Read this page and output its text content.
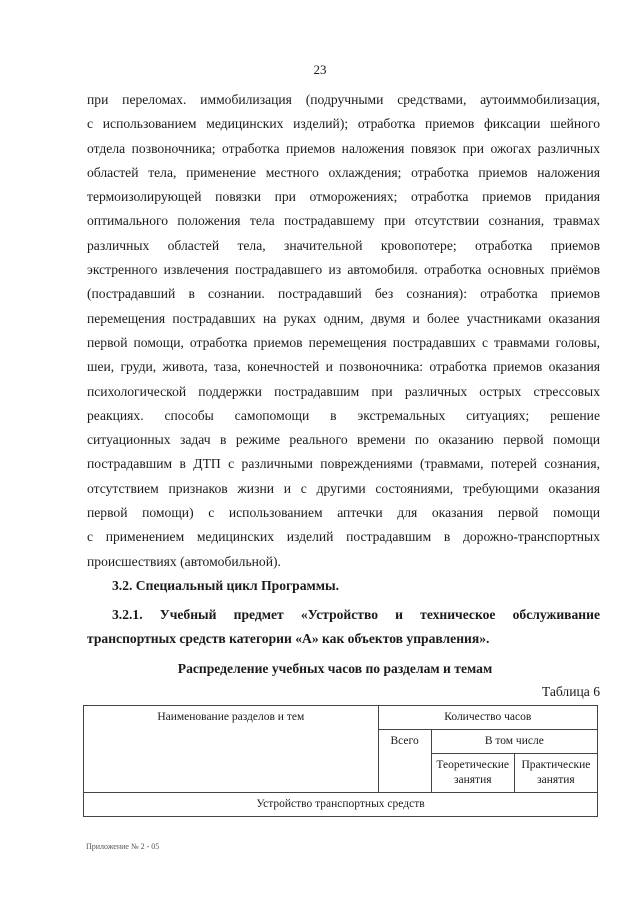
23
при переломах. иммобилизация (подручными средствами, аутоиммобилизация,
с использованием медицинских изделий); отработка приемов фиксации шейного
отдела позвоночника; отработка приемов наложения повязок при ожогах различных
областей тела, применение местного охлаждения; отработка приемов наложения
термоизолирующей повязки при отморожениях; отработка приемов придания
оптимального положения тела пострадавшему при отсутствии сознания, травмах
различных областей тела, значительной кровопотере; отработка приемов
экстренного извлечения пострадавшего из автомобиля. отработка основных приёмов
(пострадавший в сознании. пострадавший без сознания): отработка приемов
перемещения пострадавших на руках одним, двумя и более участниками оказания
первой помощи, отработка приемов перемещения пострадавших с травмами головы,
шеи, груди, живота, таза, конечностей и позвоночника: отработка приемов оказания
психологической поддержки пострадавшим при различных острых стрессовых
реакциях. способы самопомощи в экстремальных ситуациях; решение
ситуационных задач в режиме реального времени по оказанию первой помощи
пострадавшим в ДТП с различными повреждениями (травмами, потерей сознания,
отсутствием признаков жизни и с другими состояниями, требующими оказания
первой помощи) с использованием аптечки для оказания первой помощи
с применением медицинских изделий пострадавшим в дорожно-транспортных
происшествиях (автомобильной).
3.2. Специальный цикл Программы.
3.2.1. Учебный предмет «Устройство и техническое обслуживание
транспортных средств категории «А» как объектов управления».
Распределение учебных часов по разделам и темам
Таблица 6
Наименование разделов и тем	Количество часов		
	Всего	В том числе	
		Теоретические занятия	Практические занятия
Устройство транспортных средств			
Приложение № 2 - 05
